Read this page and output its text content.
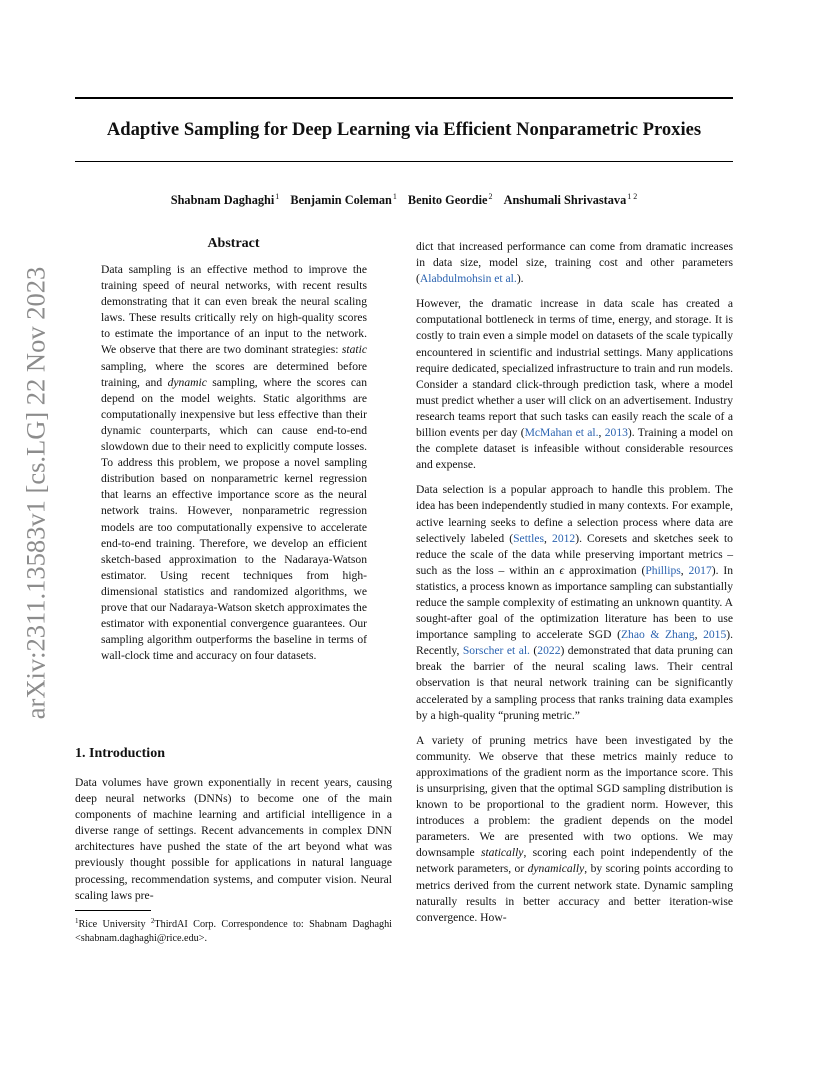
Adaptive Sampling for Deep Learning via Efficient Nonparametric Proxies
Shabnam Daghaghi$^1$ Benjamin Coleman$^1$ Benito Geordie$^2$ Anshumali Shrivastava$^{1 2}$
arXiv:2311.13583v1 [cs.LG] 22 Nov 2023
Abstract
Data sampling is an effective method to improve the training speed of neural networks, with recent results demonstrating that it can even break the neural scaling laws. These results critically rely on high-quality scores to estimate the importance of an input to the network. We observe that there are two dominant strategies: static sampling, where the scores are determined before training, and dynamic sampling, where the scores can depend on the model weights. Static algorithms are computationally inexpensive but less effective than their dynamic counterparts, which can cause end-to-end slowdown due to their need to explicitly compute losses. To address this problem, we propose a novel sampling distribution based on nonparametric kernel regression that learns an effective importance score as the neural network trains. However, nonparametric regression models are too computationally expensive to accelerate end-to-end training. Therefore, we develop an efficient sketch-based approximation to the Nadaraya-Watson estimator. Using recent techniques from high-dimensional statistics and randomized algorithms, we prove that our Nadaraya-Watson sketch approximates the estimator with exponential convergence guarantees. Our sampling algorithm outperforms the baseline in terms of wall-clock time and accuracy on four datasets.
1. Introduction
Data volumes have grown exponentially in recent years, causing deep neural networks (DNNs) to become one of the main components of machine learning and artificial intelligence in a diverse range of settings. Recent advancements in complex DNN architectures have pushed the state of the art beyond what was previously thought possible for applications in natural language processing, recommendation systems, and computer vision. Neural scaling laws pre-
$^1$Rice University $^2$ThirdAI Corp. Correspondence to: Shabnam Daghaghi <shabnam.daghaghi@rice.edu>.

dict that increased performance can come from dramatic increases in data size, model size, training cost and other parameters (Alabdulmohsin et al.).

However, the dramatic increase in data scale has created a computational bottleneck in terms of time, energy, and storage. It is costly to train even a simple model on datasets of the scale typically encountered in scientific and industrial settings. Many applications require dedicated, specialized infrastructure to train and run models. Consider a standard click-through prediction task, where a model must predict whether a user will click on an advertisement. Industry research teams report that such tasks can easily reach the scale of a billion events per day (McMahan et al., 2013). Training a model on the complete dataset is infeasible without considerable resources and expense.

Data selection is a popular approach to handle this problem. The idea has been independently studied in many contexts. For example, active learning seeks to define a selection process where data are selectively labeled (Settles, 2012). Coresets and sketches seek to reduce the scale of the data while preserving important metrics – such as the loss – within an ϵ approximation (Phillips, 2017). In statistics, a process known as importance sampling can substantially reduce the sample complexity of estimating an unknown quantity. A sought-after goal of the optimization literature has been to use importance sampling to accelerate SGD (Zhao & Zhang, 2015). Recently, Sorscher et al. (2022) demonstrated that data pruning can break the barrier of the neural scaling laws. Their central observation is that neural network training can be significantly accelerated by a sampling process that ranks training data examples by a high-quality “pruning metric.”

A variety of pruning metrics have been investigated by the community. We observe that these metrics mainly reduce to approximations of the gradient norm as the importance score. This is unsurprising, given that the optimal SGD sampling distribution is known to be proportional to the gradient norm. However, this introduces a problem: the gradient depends on the model parameters. We are presented with two options. We may downsample statically, scoring each point independently of the network parameters, or dynamically, by scoring points according to metrics derived from the current network state. Dynamic sampling naturally results in better accuracy and better iteration-wise convergence. How-
